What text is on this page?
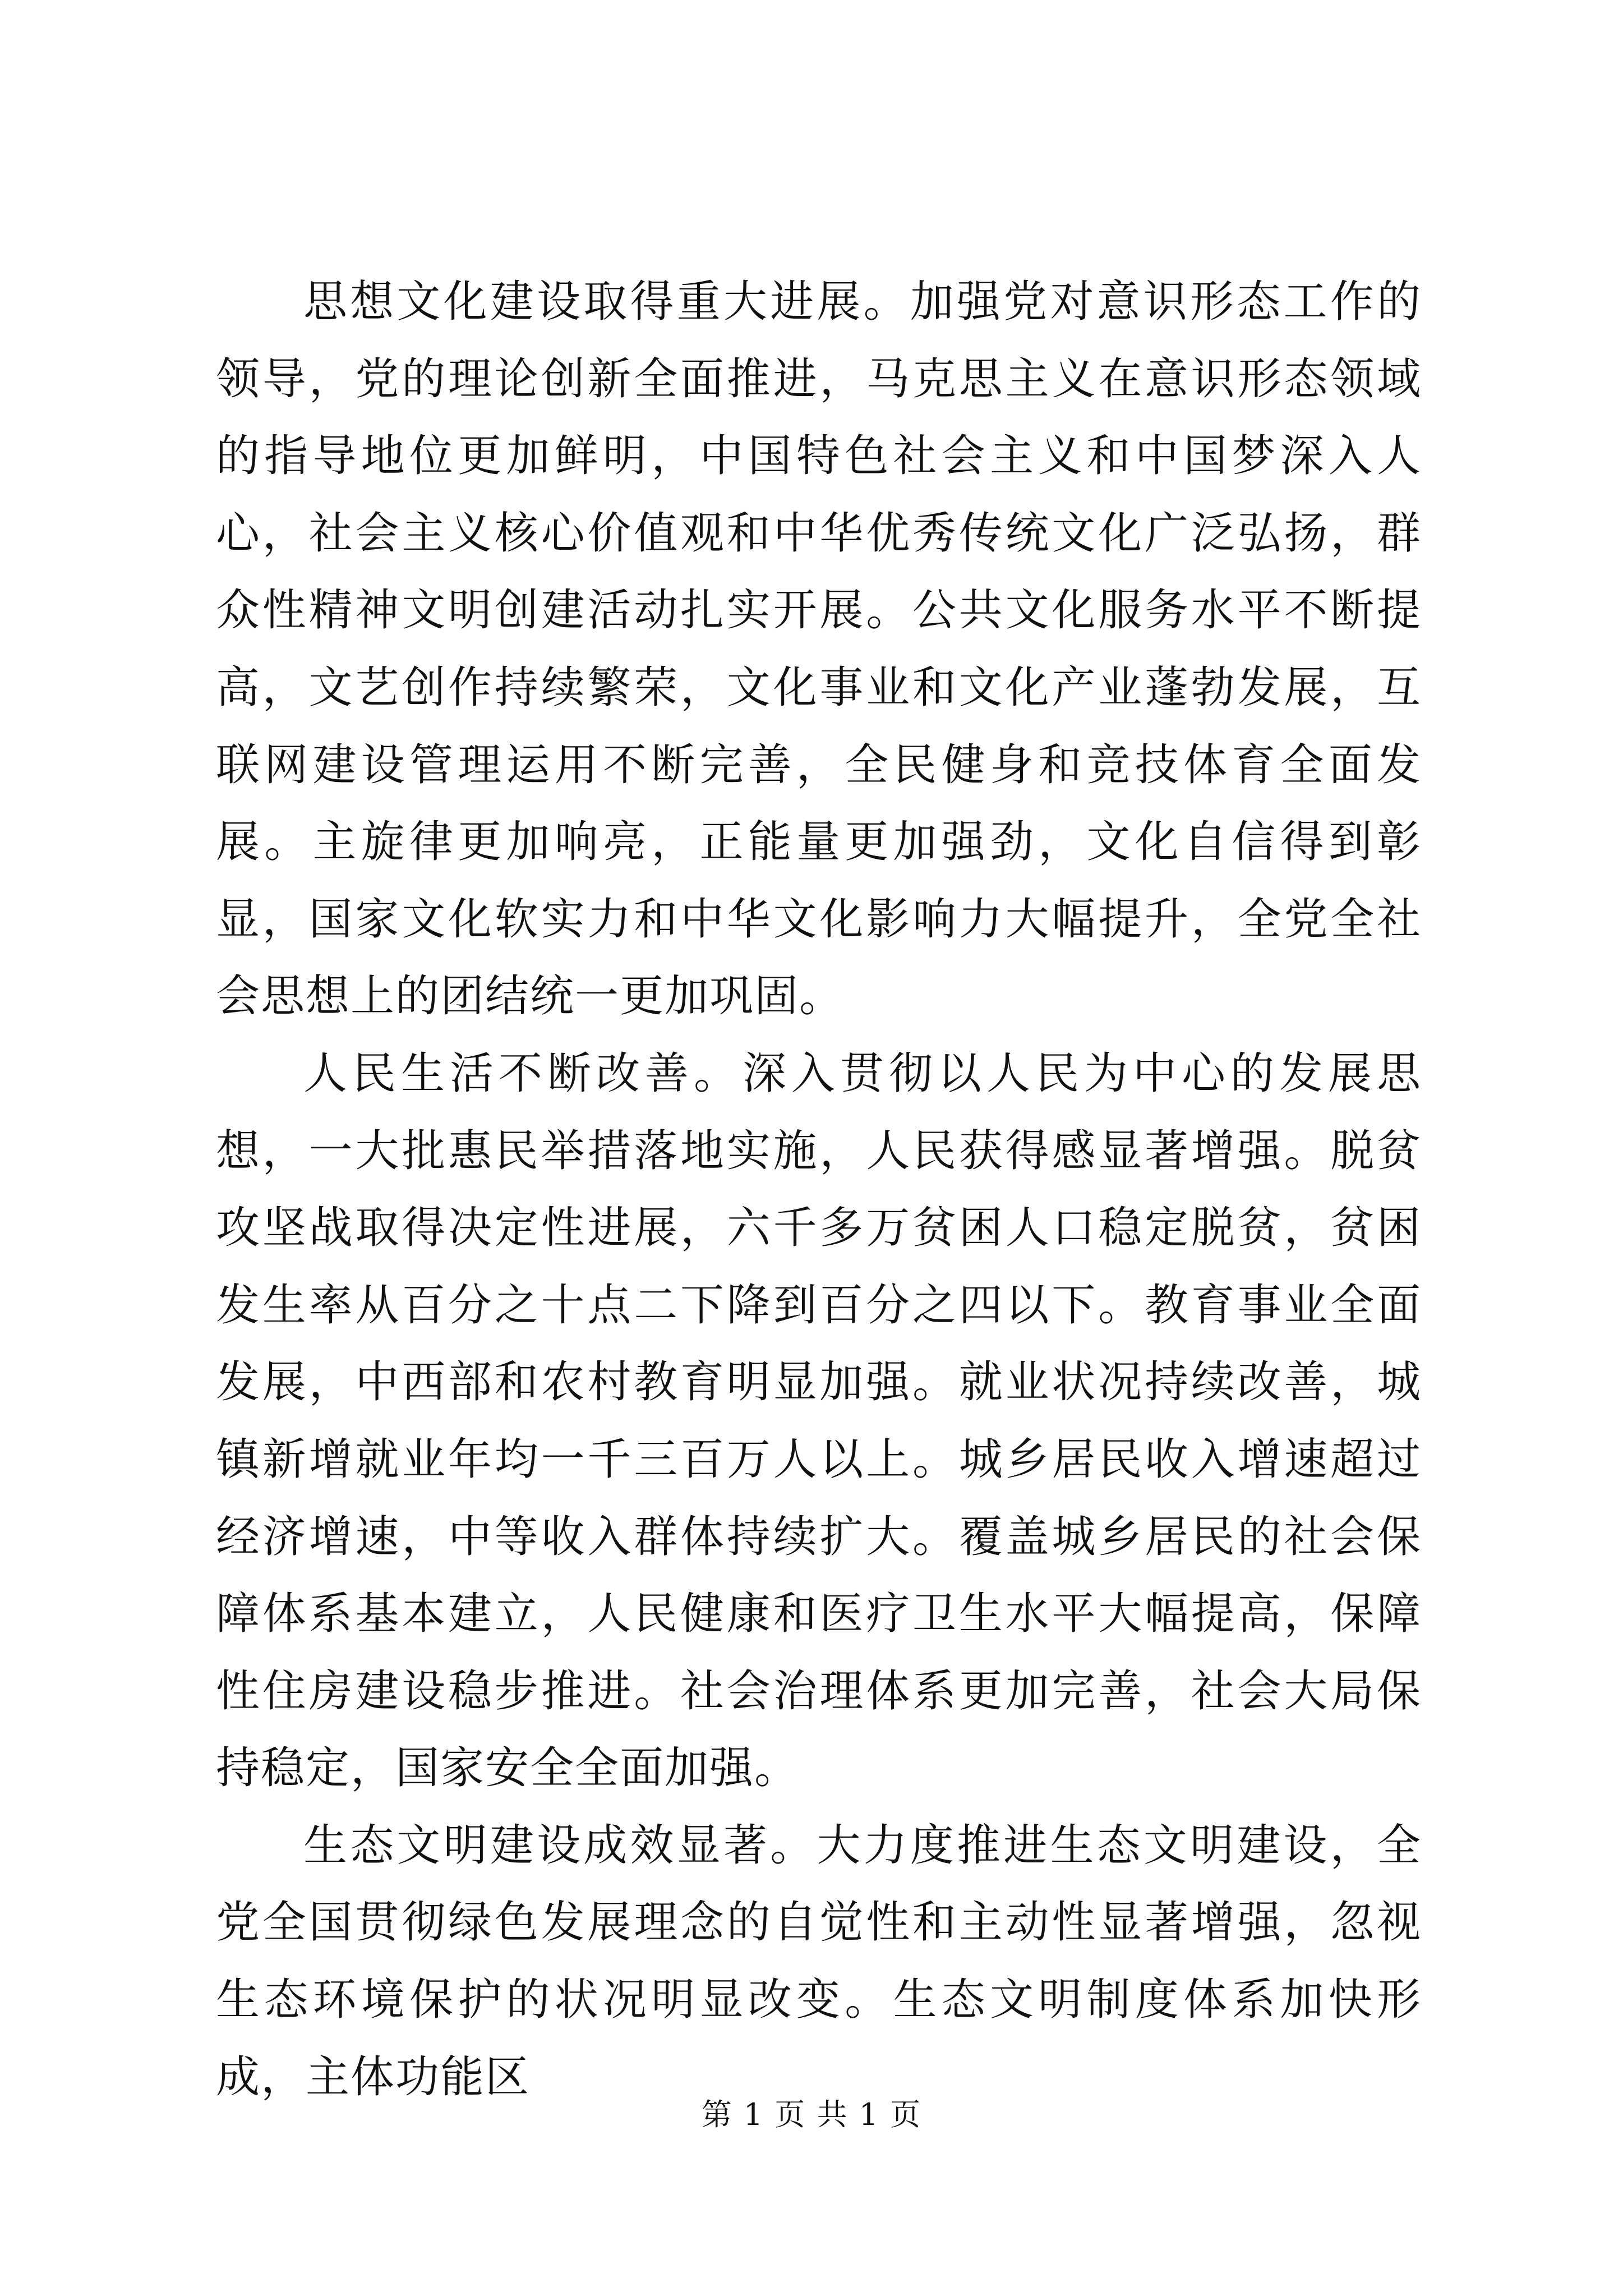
思想文化建设取得重大进展。加强党对意识形态工作的领导，党的理论创新全面推进，马克思主义在意识形态领域的指导地位更加鲜明，中国特色社会主义和中国梦深入人心，社会主义核心价值观和中华优秀传统文化广泛弘扬，群众性精神文明创建活动扎实开展。公共文化服务水平不断提高，文艺创作持续繁荣，文化事业和文化产业蓬勃发展，互联网建设管理运用不断完善，全民健身和竞技体育全面发展。主旋律更加响亮，正能量更加强劲，文化自信得到彰显，国家文化软实力和中华文化影响力大幅提升，全党全社会思想上的团结统一更加巩固。

人民生活不断改善。深入贯彻以人民为中心的发展思想，一大批惠民举措落地实施，人民获得感显著增强。脱贫攻坚战取得决定性进展，六千多万贫困人口稳定脱贫，贫困发生率从百分之十点二下降到百分之四以下。教育事业全面发展，中西部和农村教育明显加强。就业状况持续改善，城镇新增就业年均一千三百万人以上。城乡居民收入增速超过经济增速，中等收入群体持续扩大。覆盖城乡居民的社会保障体系基本建立，人民健康和医疗卫生水平大幅提高，保障性住房建设稳步推进。社会治理体系更加完善，社会大局保持稳定，国家安全全面加强。

生态文明建设成效显著。大力度推进生态文明建设，全党全国贯彻绿色发展理念的自觉性和主动性显著增强，忽视生态环境保护的状况明显改变。生态文明制度体系加快形成，主体功能区

第 1 页 共 1 页
